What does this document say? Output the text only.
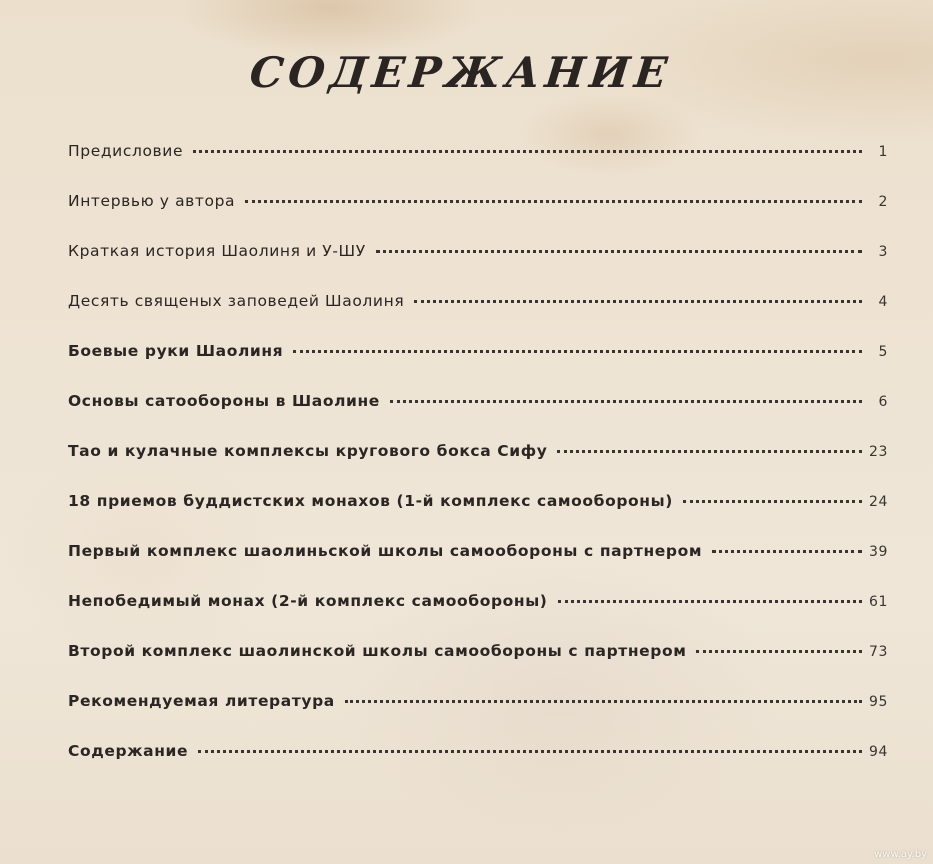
СОДЕРЖАНИЕ
Предисловие	1
Интервью у автора	2
Краткая история Шаолиня и У-ШУ	3
Десять священых заповедей Шаолиня	4
Боевые руки Шаолиня	5
Основы сатообороны в Шаолине	6
Тао и кулачные комплексы кругового бокса Сифу	23
18 приемов буддистских монахов (1-й комплекс самообороны)	24
Первый комплекс шаолиньской школы самообороны с партнером	39
Непобедимый монах (2-й комплекс самообороны)	61
Второй комплекс шаолинской школы самообороны с партнером	73
Рекомендуемая литература	95
Содержание	94
www.ay.by
